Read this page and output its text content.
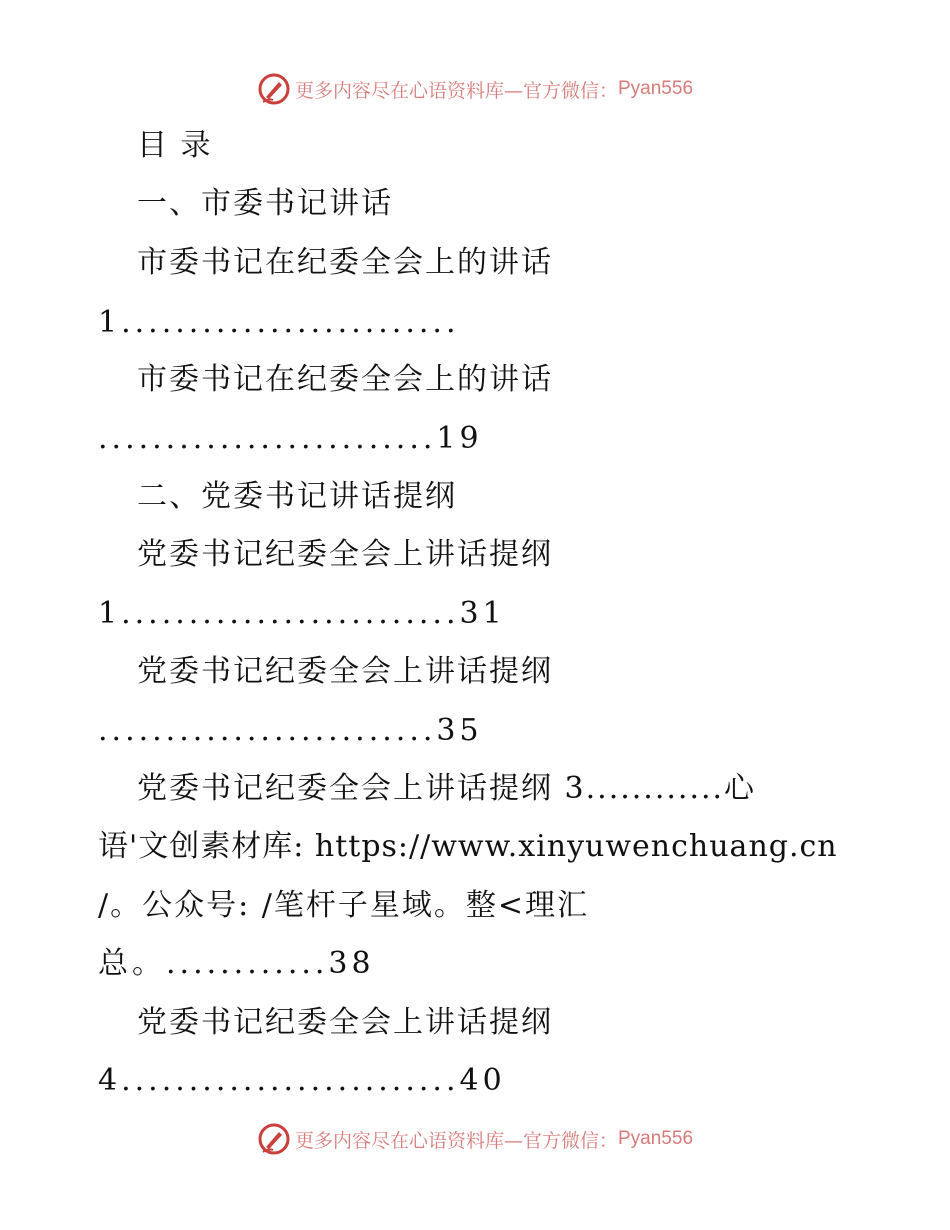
更多内容尽在心语资料库—官方微信： Pyan556
目 录
一、市委书记讲话
市委书记在纪委全会上的讲话
1.........................
市委书记在纪委全会上的讲话
.........................19
二、党委书记讲话提纲
党委书记纪委全会上讲话提纲
1.........................31
党委书记纪委全会上讲话提纲
.........................35
党委书记纪委全会上讲话提纲 3............心
语'文创素材库: https://www.xinyuwenchuang.cn
/。公众号: /笔杆子星域。整<理汇
总。............38
党委书记纪委全会上讲话提纲
4.........................40
更多内容尽在心语资料库—官方微信： Pyan556
